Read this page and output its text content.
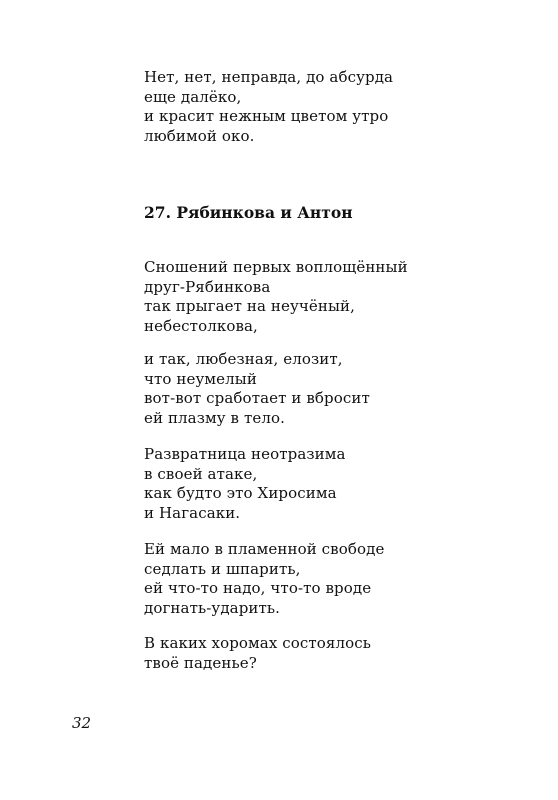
Нет, нет, неправда, до абсурда
еще далёко,
и красит нежным цветом утро
любимой око.
27. Рябинкова и Антон
Сношений первых воплощённый
друг-Рябинкова
так прыгает на неучёный,
небестолкова,
и так, любезная, елозит,
что неумелый
вот-вот сработает и вбросит
ей плазму в тело.
Развратница неотразима
в своей атаке,
как будто это Хиросима
и Нагасаки.
Ей мало в пламенной свободе
седлать и шпарить,
ей что-то надо, что-то вроде
догнать-ударить.
В каких хоромах состоялось
твоё паденье?

32
